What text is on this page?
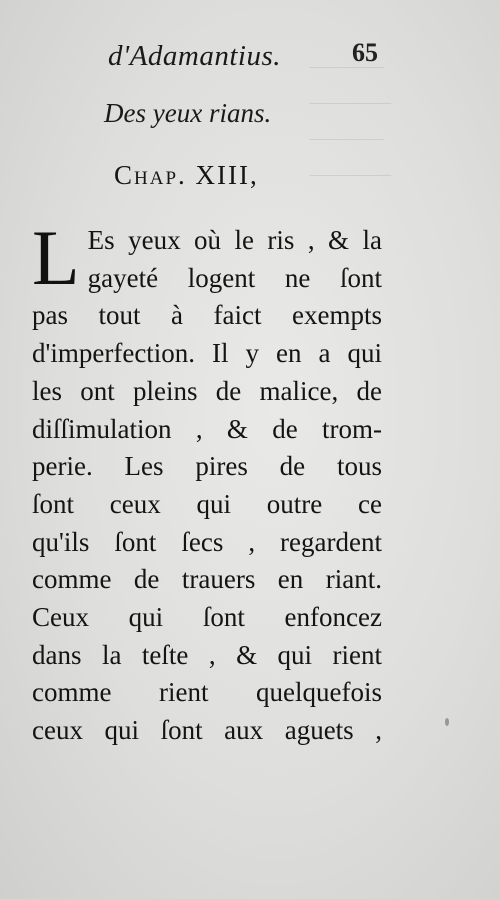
‾‾‾‾‾‾‾‾‾‾
‾‾‾‾‾‾‾‾‾‾‾
‾‾‾‾‾‾‾‾‾‾
‾‾‾‾‾‾‾‾‾‾‾
d'Adamantius.	65
Des yeux rians.
Chap. XIII,
L Es yeux où le ris , & la
gayeté logent ne ſont
pas tout à faict exempts
d'imperfection. Il y en a qui
les ont pleins de malice, de
diſſimulation , & de trom-
perie. Les pires de tous
ſont ceux qui outre ce
qu'ils ſont ſecs , regardent
comme de trauers en riant.
Ceux qui ſont enfoncez
dans la teſte , & qui rient
comme rient quelquefois
ceux qui ſont aux aguets ,
